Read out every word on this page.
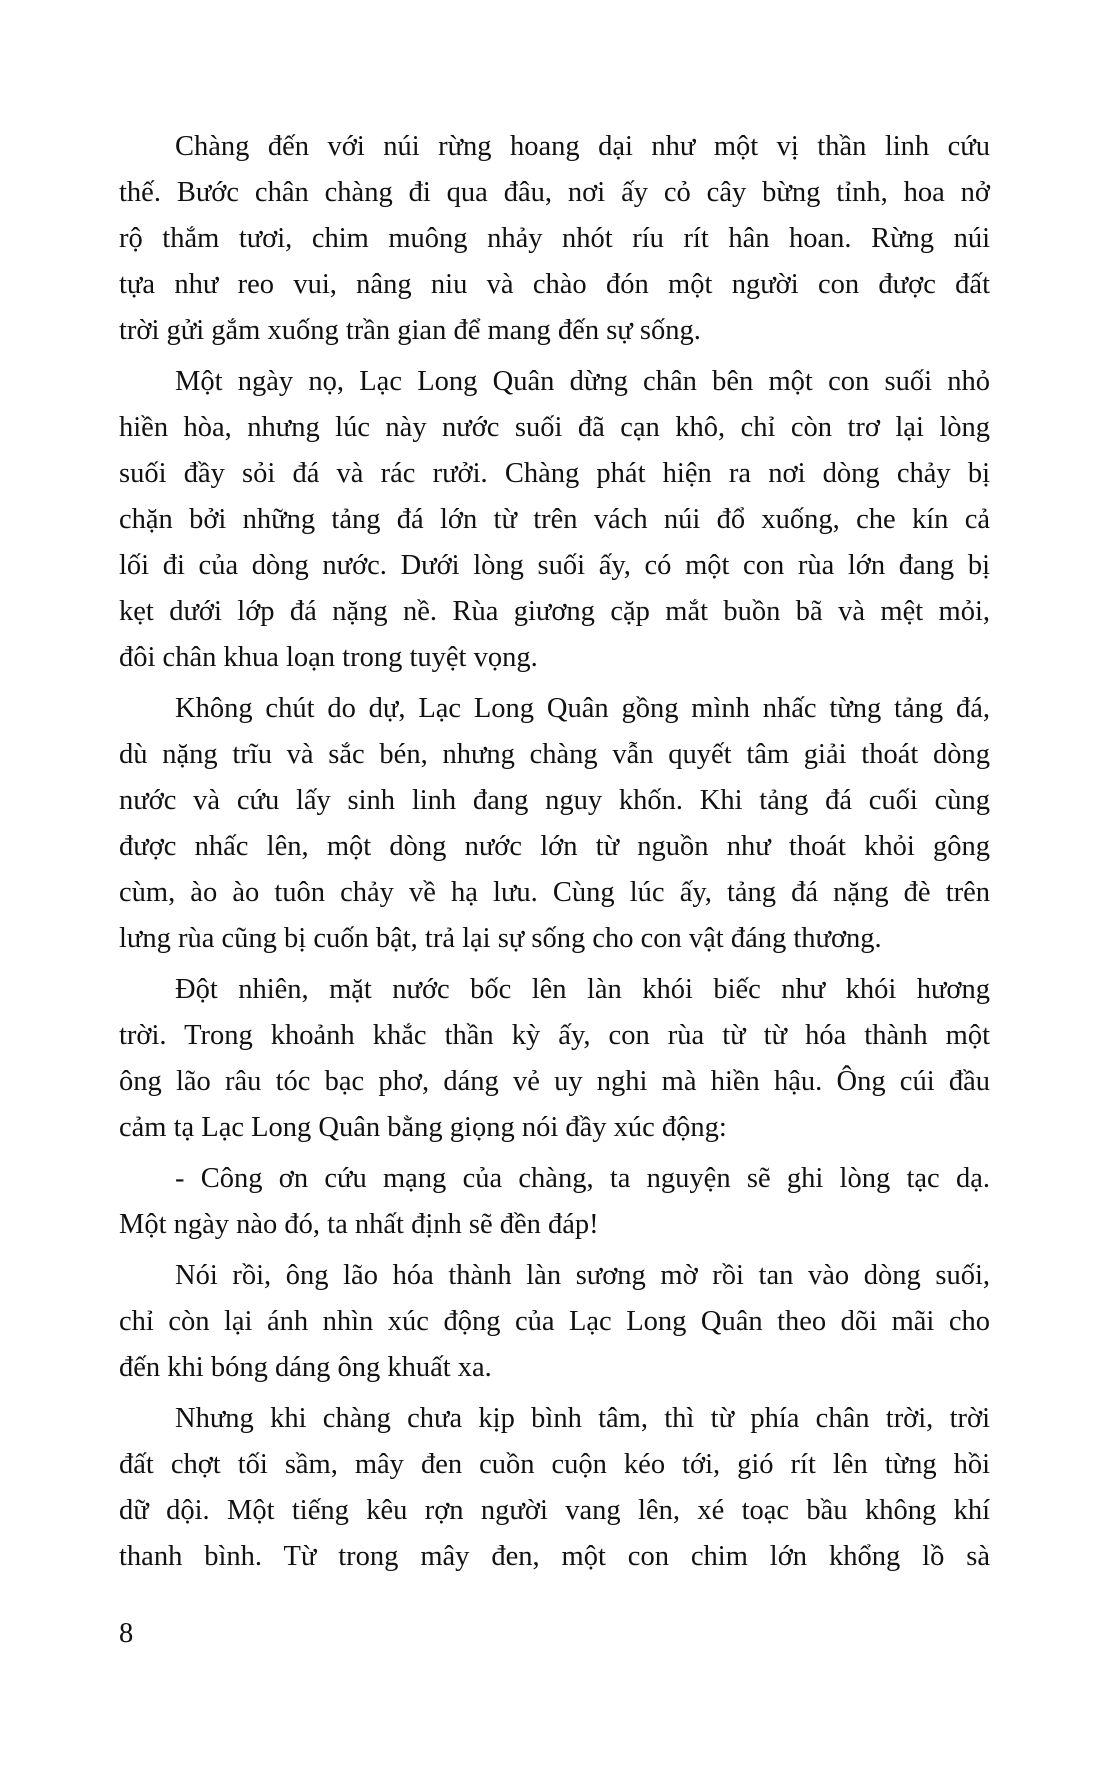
Chàng đến với núi rừng hoang dại như một vị thần linh cứu
thế. Bước chân chàng đi qua đâu, nơi ấy cỏ cây bừng tỉnh, hoa nở
rộ thắm tươi, chim muông nhảy nhót ríu rít hân hoan. Rừng núi
tựa như reo vui, nâng niu và chào đón một người con được đất
trời gửi gắm xuống trần gian để mang đến sự sống.
Một ngày nọ, Lạc Long Quân dừng chân bên một con suối nhỏ
hiền hòa, nhưng lúc này nước suối đã cạn khô, chỉ còn trơ lại lòng
suối đầy sỏi đá và rác rưởi. Chàng phát hiện ra nơi dòng chảy bị
chặn bởi những tảng đá lớn từ trên vách núi đổ xuống, che kín cả
lối đi của dòng nước. Dưới lòng suối ấy, có một con rùa lớn đang bị
kẹt dưới lớp đá nặng nề. Rùa giương cặp mắt buồn bã và mệt mỏi,
đôi chân khua loạn trong tuyệt vọng.
Không chút do dự, Lạc Long Quân gồng mình nhấc từng tảng đá,
dù nặng trĩu và sắc bén, nhưng chàng vẫn quyết tâm giải thoát dòng
nước và cứu lấy sinh linh đang nguy khốn. Khi tảng đá cuối cùng
được nhấc lên, một dòng nước lớn từ nguồn như thoát khỏi gông
cùm, ào ào tuôn chảy về hạ lưu. Cùng lúc ấy, tảng đá nặng đè trên
lưng rùa cũng bị cuốn bật, trả lại sự sống cho con vật đáng thương.
Đột nhiên, mặt nước bốc lên làn khói biếc như khói hương
trời. Trong khoảnh khắc thần kỳ ấy, con rùa từ từ hóa thành một
ông lão râu tóc bạc phơ, dáng vẻ uy nghi mà hiền hậu. Ông cúi đầu
cảm tạ Lạc Long Quân bằng giọng nói đầy xúc động:
- Công ơn cứu mạng của chàng, ta nguyện sẽ ghi lòng tạc dạ.
Một ngày nào đó, ta nhất định sẽ đền đáp!
Nói rồi, ông lão hóa thành làn sương mờ rồi tan vào dòng suối,
chỉ còn lại ánh nhìn xúc động của Lạc Long Quân theo dõi mãi cho
đến khi bóng dáng ông khuất xa.
Nhưng khi chàng chưa kịp bình tâm, thì từ phía chân trời, trời
đất chợt tối sầm, mây đen cuồn cuộn kéo tới, gió rít lên từng hồi
dữ dội. Một tiếng kêu rợn người vang lên, xé toạc bầu không khí
thanh bình. Từ trong mây đen, một con chim lớn khổng lồ sà
8
